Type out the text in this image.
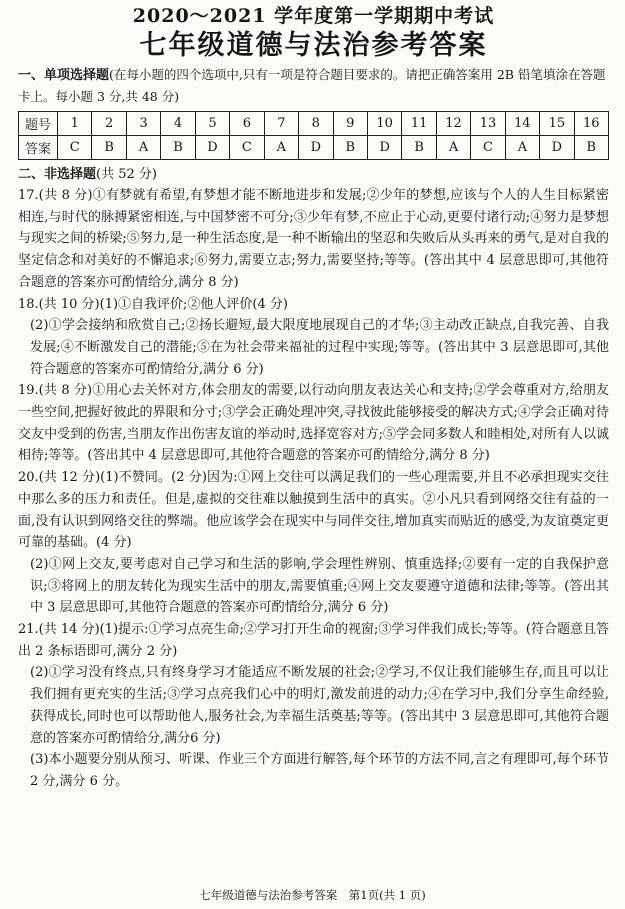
2020～2021 学年度第一学期期中考试
七年级道德与法治参考答案
一、单项选择题(在每小题的四个选项中,只有一项是符合题目要求的。请把正确答案用 2B 铅笔填涂在答题卡上。每小题 3 分,共 48 分)
题号	1	2	3	4	5	6	7	8	9	10	11	12	13	14	15	16
答案	C	B	A	B	D	C	A	D	B	D	B	A	C	A	D	B
二、非选择题(共 52 分)

17.(共 8 分)①有梦就有希望,有梦想才能不断地进步和发展;②少年的梦想,应该与个人的人生目标紧密相连,与时代的脉搏紧密相连,与中国梦密不可分;③少年有梦,不应止于心动,更要付诸行动;④努力是梦想与现实之间的桥梁;⑤努力,是一种生活态度,是一种不断输出的坚忍和失败后从头再来的勇气,是对自我的坚定信念和对美好的不懈追求;⑥努力,需要立志;努力,需要坚持;等等。(答出其中 4 层意思即可,其他符合题意的答案亦可酌情给分,满分 8 分)

18.(共 10 分)(1)①自我评价;②他人评价(4 分)

(2)①学会接纳和欣赏自己;②扬长避短,最大限度地展现自己的才华;③主动改正缺点,自我完善、自我发展;④不断激发自己的潜能;⑤在为社会带来福祉的过程中实现;等等。(答出其中 3 层意思即可,其他符合题意的答案亦可酌情给分,满分 6 分)

19.(共 8 分)①用心去关怀对方,体会朋友的需要,以行动向朋友表达关心和支持;②学会尊重对方,给朋友一些空间,把握好彼此的界限和分寸;③学会正确处理冲突,寻找彼此能够接受的解决方式;④学会正确对待交友中受到的伤害,当朋友作出伤害友谊的举动时,选择宽容对方;⑤学会同多数人和睦相处,对所有人以诚相待;等等。(答出其中 4 层意思即可,其他符合题意的答案亦可酌情给分,满分 8 分)

20.(共 12 分)(1)不赞同。(2 分)因为:①网上交往可以满足我们的一些心理需要,并且不必承担现实交往中那么多的压力和责任。但是,虚拟的交往难以触摸到生活中的真实。②小凡只看到网络交往有益的一面,没有认识到网络交往的弊端。他应该学会在现实中与同伴交往,增加真实而贴近的感受,为友谊奠定更可靠的基础。(4 分)

(2)①网上交友,要考虑对自己学习和生活的影响,学会理性辨别、慎重选择;②要有一定的自我保护意识;③将网上的朋友转化为现实生活中的朋友,需要慎重;④网上交友要遵守道德和法律;等等。(答出其中 3 层意思即可,其他符合题意的答案亦可酌情给分,满分 6 分)

21.(共 14 分)(1)提示:①学习点亮生命;②学习打开生命的视窗;③学习伴我们成长;等等。(符合题意且答出 2 条标语即可,满分 2 分)

(2)①学习没有终点,只有终身学习才能适应不断发展的社会;②学习,不仅让我们能够生存,而且可以让我们拥有更充实的生活;③学习点亮我们心中的明灯,激发前进的动力;④在学习中,我们分享生命经验,获得成长,同时也可以帮助他人,服务社会,为幸福生活奠基;等等。(答出其中 3 层意思即可,其他符合题意的答案亦可酌情给分,满分6 分)

(3)本小题要分别从预习、听课、作业三个方面进行解答,每个环节的方法不同,言之有理即可,每个环节 2 分,满分 6 分。

七年级道德与法治参考答案　第1页(共 1 页)
